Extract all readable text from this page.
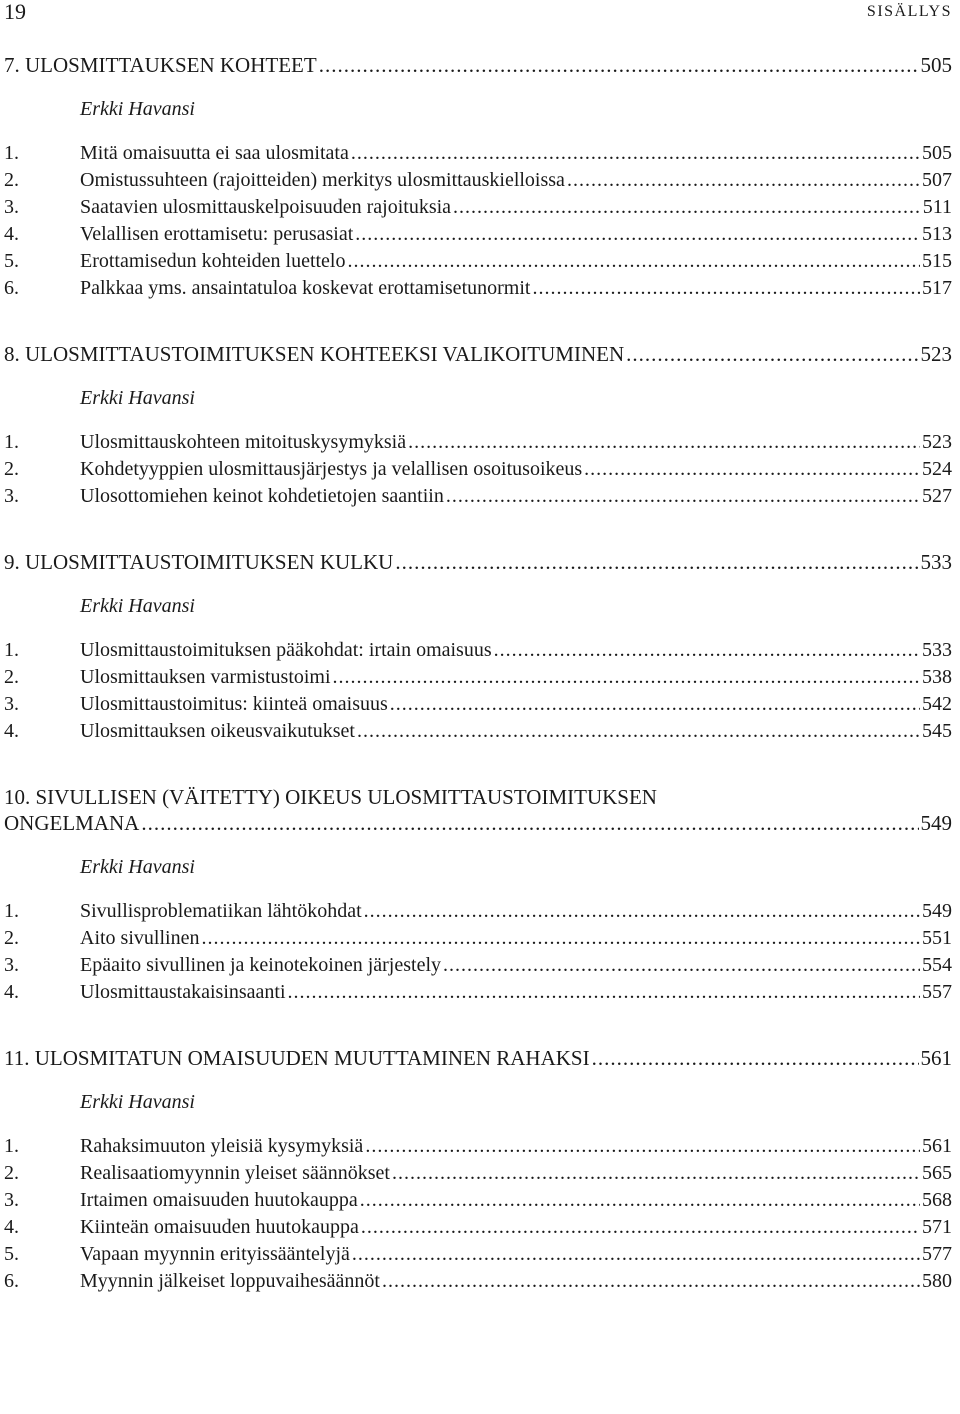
19	SISÄLLYS
7. ULOSMITTAUKSEN KOHTEET .....	505
Erkki Havansi
1.	Mitä omaisuutta ei saa ulosmitata .....	505
2.	Omistussuhteen (rajoitteiden) merkitys ulosmittauskielloissa .....	507
3.	Saatavien ulosmittauskelpoisuuden rajoituksia .....	511
4.	Velallisen erottamisetu: perusasiat .....	513
5.	Erottamisedun kohteiden luettelo .....	515
6.	Palkkaa yms. ansaintatuloa koskevat erottamisetunormit .....	517
8. ULOSMITTAUSTOIMITUKSEN KOHTEEKSI VALIKOITUMINEN .....	523
Erkki Havansi
1.	Ulosmittauskohteen mitoituskysymyksiä .....	523
2.	Kohdetyyppien ulosmittausjärjestys ja velallisen osoitusoikeus .....	524
3.	Ulosottomiehen keinot kohdetietojen saantiin .....	527
9. ULOSMITTAUSTOIMITUKSEN KULKU .....	533
Erkki Havansi
1.	Ulosmittaustoimituksen pääkohdat: irtain omaisuus .....	533
2.	Ulosmittauksen varmistustoimi .....	538
3.	Ulosmittaustoimitus: kiinteä omaisuus .....	542
4.	Ulosmittauksen oikeusvaikutukset .....	545
10. SIVULLISEN (VÄITETTY) OIKEUS ULOSMITTAUSTOIMITUKSEN
ONGELMANA .....	549
Erkki Havansi
1.	Sivullisproblematiikan lähtökohdat .....	549
2.	Aito sivullinen .....	551
3.	Epäaito sivullinen ja keinotekoinen järjestely .....	554
4.	Ulosmittaustakaisinsaanti .....	557
11. ULOSMITATUN OMAISUUDEN MUUTTAMINEN RAHAKSI .....	561
Erkki Havansi
1.	Rahaksimuuton yleisiä kysymyksiä .....	561
2.	Realisaatiomyynnin yleiset säännökset .....	565
3.	Irtaimen omaisuuden huutokauppa .....	568
4.	Kiinteän omaisuuden huutokauppa .....	571
5.	Vapaan myynnin erityissääntelyjä .....	577
6.	Myynnin jälkeiset loppuvaihesäännöt .....	580
